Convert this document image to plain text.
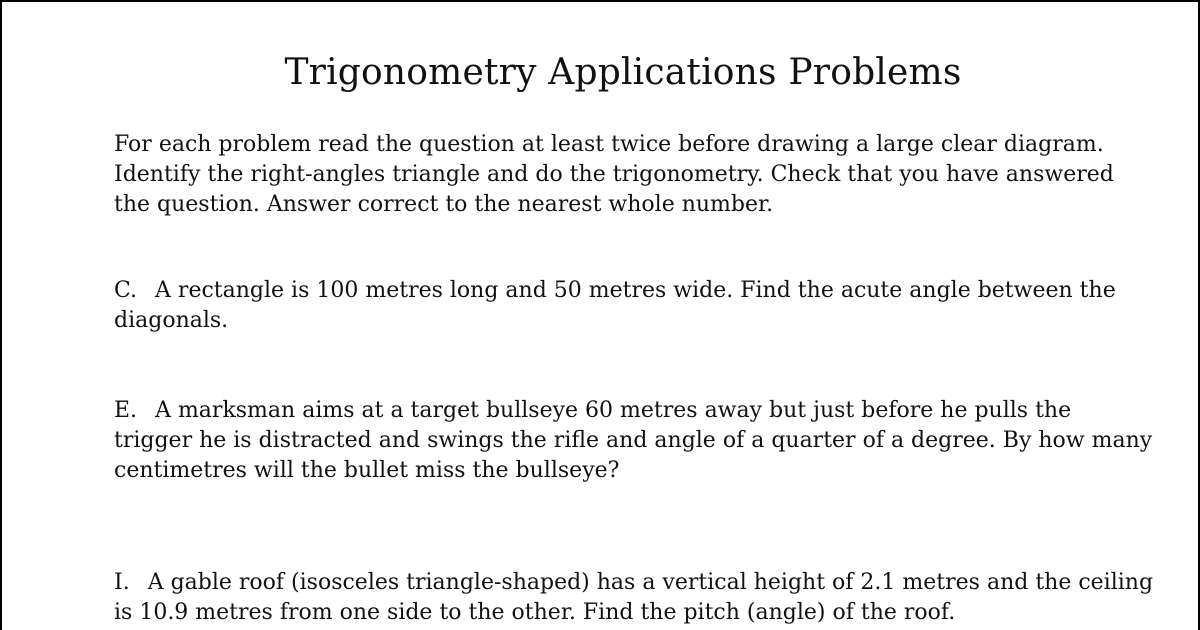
Trigonometry Applications Problems

For each problem read the question at least twice before drawing a large clear diagram. Identify the right-angles triangle and do the trigonometry. Check that you have answered the question. Answer correct to the nearest whole number.

C. A rectangle is 100 metres long and 50 metres wide. Find the acute angle between the diagonals.

E. A marksman aims at a target bullseye 60 metres away but just before he pulls the trigger he is distracted and swings the rifle and angle of a quarter of a degree. By how many centimetres will the bullet miss the bullseye?

I. A gable roof (isosceles triangle-shaped) has a vertical height of 2.1 metres and the ceiling is 10.9 metres from one side to the other. Find the pitch (angle) of the roof.
